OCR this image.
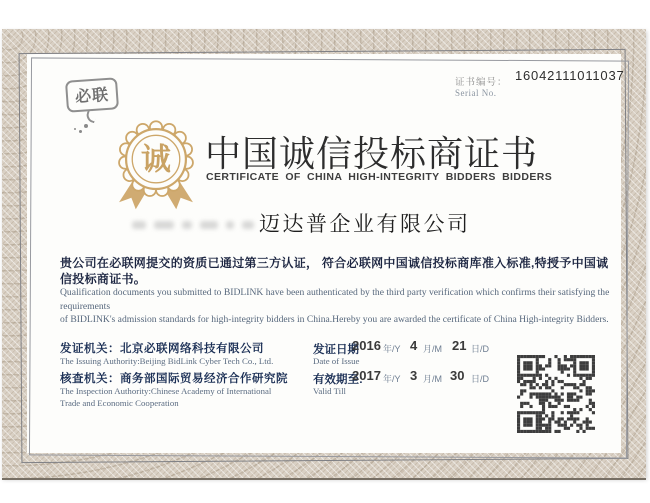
必联
证书编号： 16042111011037
Serial No.
诚 中国诚信投标商证书
CERTIFICATE OF CHINA HIGH-INTEGRITY BIDDERS BIDDERS
迈达普企业有限公司
贵公司在必联网提交的资质已通过第三方认证， 符合必联网中国诚信投标商库准入标准,特授予中国诚信投标商证书。
Qualification documents you submitted to BIDLINK have been authenticated by the third party verification which confirms their satisfying the requirements
of BIDLINK's admission standards for high-integrity bidders in China.Hereby you are awarded the certificate of China High-integrity Bidders.
发证机关：北京必联网络科技有限公司
The Issuing Authority:Beijing BidLink Cyber Tech Co., Ltd.
核查机关：商务部国际贸易经济合作研究院
The Inspection Authority:Chinese Academy of International
Trade and Economic Cooperation
发证日期
Date of Issue
2016 年/Y 4 月/M 21 日/D
有效期至:
Valid Till
2017 年/Y 3 月/M 30 日/D
